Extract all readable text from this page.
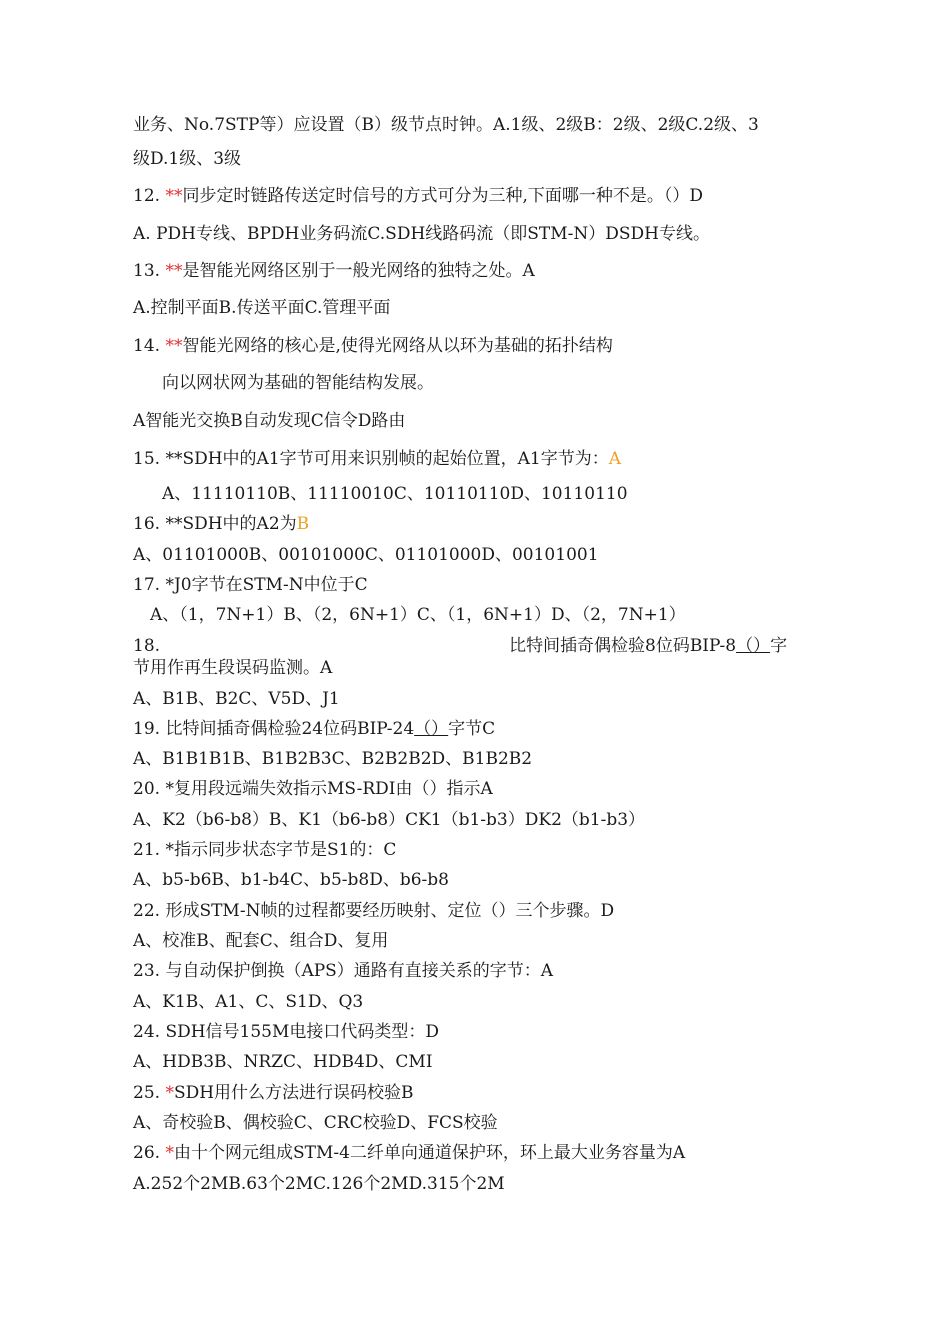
业务、No.7STP等）应设置（B）级节点时钟。A.1级、2级B：2级、2级C.2级、3
级D.1级、3级
12. **同步定时链路传送定时信号的方式可分为三种,下面哪一种不是。（）D
A. PDH专线、BPDH业务码流C.SDH线路码流（即STM-N）DSDH专线。
13. **是智能光网络区别于一般光网络的独特之处。A
A.控制平面B.传送平面C.管理平面
14. **智能光网络的核心是,使得光网络从以环为基础的拓扑结构
向以网状网为基础的智能结构发展。
A智能光交换B自动发现C信令D路由
15. **SDH中的A1字节可用来识别帧的起始位置，A1字节为：A
A、11110110B、11110010C、10110110D、10110110
16. **SDH中的A2为B
A、01101000B、00101000C、01101000D、00101001
17. *J0字节在STM-N中位于C
A、（1，7N+1）B、（2，6N+1）C、（1，6N+1）D、（2，7N+1）
18.	比特间插奇偶检验8位码BIP-8（）字
节用作再生段误码监测。A
A、B1B、B2C、V5D、J1
19. 比特间插奇偶检验24位码BIP-24（）字节C
A、B1B1B1B、B1B2B3C、B2B2B2D、B1B2B2
20. *复用段远端失效指示MS-RDI由（）指示A
A、K2（b6-b8）B、K1（b6-b8）CK1（b1-b3）DK2（b1-b3）
21. *指示同步状态字节是S1的：C
A、b5-b6B、b1-b4C、b5-b8D、b6-b8
22. 形成STM-N帧的过程都要经历映射、定位（）三个步骤。D
A、校准B、配套C、组合D、复用
23. 与自动保护倒换（APS）通路有直接关系的字节：A
A、K1B、A1、C、S1D、Q3
24. SDH信号155M电接口代码类型：D
A、HDB3B、NRZC、HDB4D、CMI
25. *SDH用什么方法进行误码校验B
A、奇校验B、偶校验C、CRC校验D、FCS校验
26. *由十个网元组成STM-4二纤单向通道保护环，环上最大业务容量为A
A.252个2MB.63个2MC.126个2MD.315个2M
